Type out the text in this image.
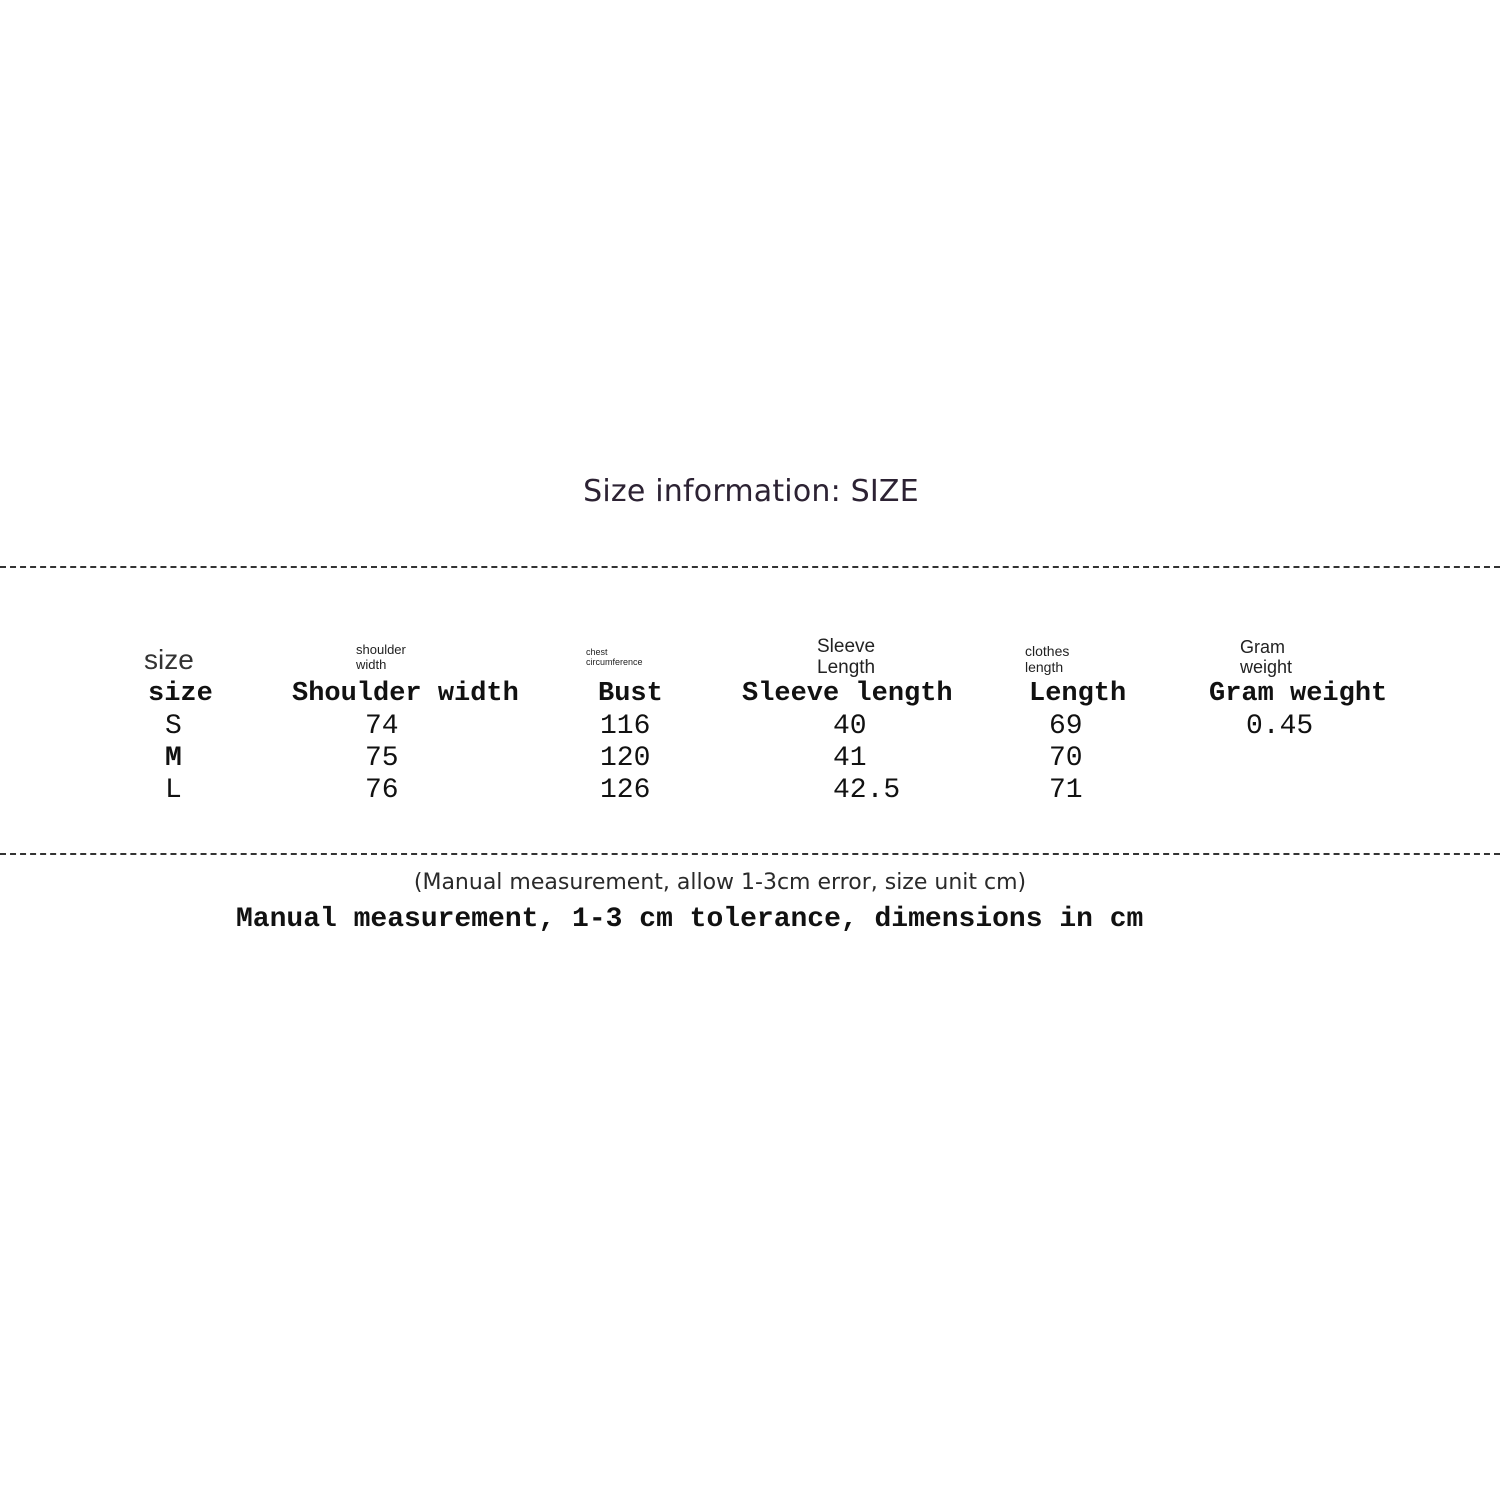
Size information: SIZE
size
size
S
M
L
shoulder
width
Shoulder width
74
75
76
chest
circumference
Bust
116
120
126
Sleeve
Length
Sleeve length
40
41
42.5
clothes
length
Length
69
70
71
Gram
weight
Gram weight
0.45
(Manual measurement, allow 1-3cm error, size unit cm)
Manual measurement, 1-3 cm tolerance, dimensions in cm
